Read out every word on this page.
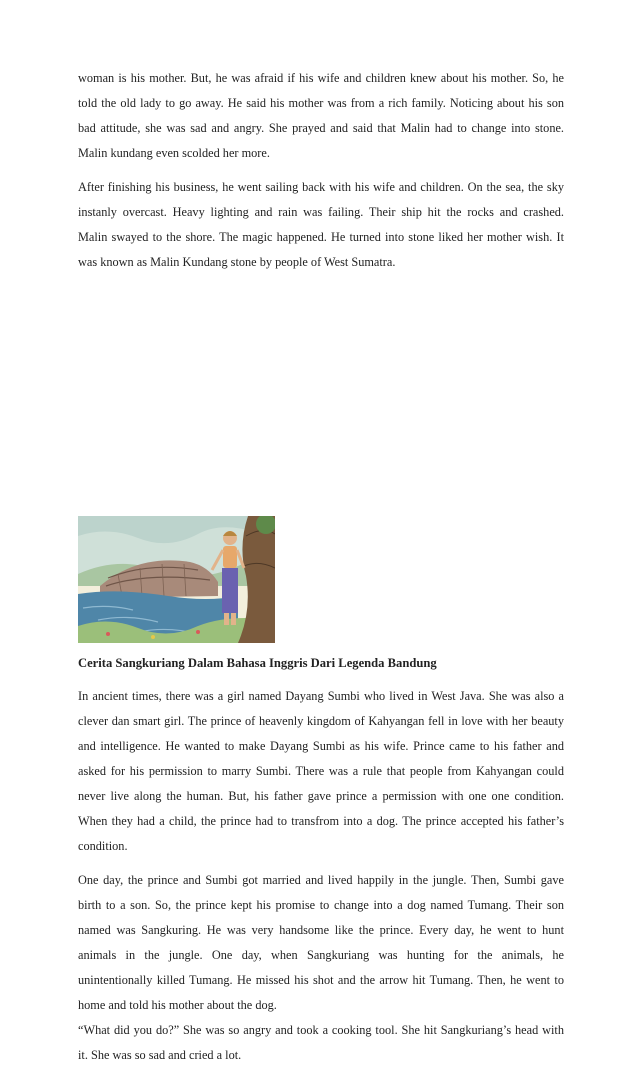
woman is his mother. But, he was afraid if his wife and children knew about his mother. So, he
told the old lady to go away. He said his mother was from a rich family. Noticing about his son
bad attitude, she was sad and angry. She prayed and said that Malin had to change into stone.
Malin kundang even scolded her more.

After finishing his business, he went sailing back with his wife and children. On the sea, the sky
instanly overcast. Heavy lighting and rain was failing. Their ship hit the rocks and crashed.
Malin swayed to the shore. The magic happened. He turned into stone liked her mother wish. It
was known as Malin Kundang stone by people of West Sumatra.

Cerita Sangkuriang Dalam Bahasa Inggris Dari Legenda Bandung

In ancient times, there was a girl named Dayang Sumbi who lived in West Java. She was also a
clever dan smart girl. The prince of heavenly kingdom of Kahyangan fell in love with her beauty
and intelligence. He wanted to make Dayang Sumbi as his wife. Prince came to his father and
asked for his permission to marry Sumbi. There was a rule that people from Kahyangan could
never live along the human. But, his father gave prince a permission with one one condition.
When they had a child, the prince had to transfrom into a dog. The prince accepted his father’s
condition.

One day, the prince and Sumbi got married and lived happily in the jungle. Then, Sumbi gave
birth to a son. So, the prince kept his promise to change into a dog named Tumang. Their son
named was Sangkuring. He was very handsome like the prince. Every day, he went to hunt
animals in the jungle. One day, when Sangkuriang was hunting for the animals, he
unintentionally killed Tumang. He missed his shot and the arrow hit Tumang. Then, he went to
home and told his mother about the dog.
“What did you do?” She was so angry and took a cooking tool. She hit Sangkuriang’s head with
it. She was so sad and cried a lot.
